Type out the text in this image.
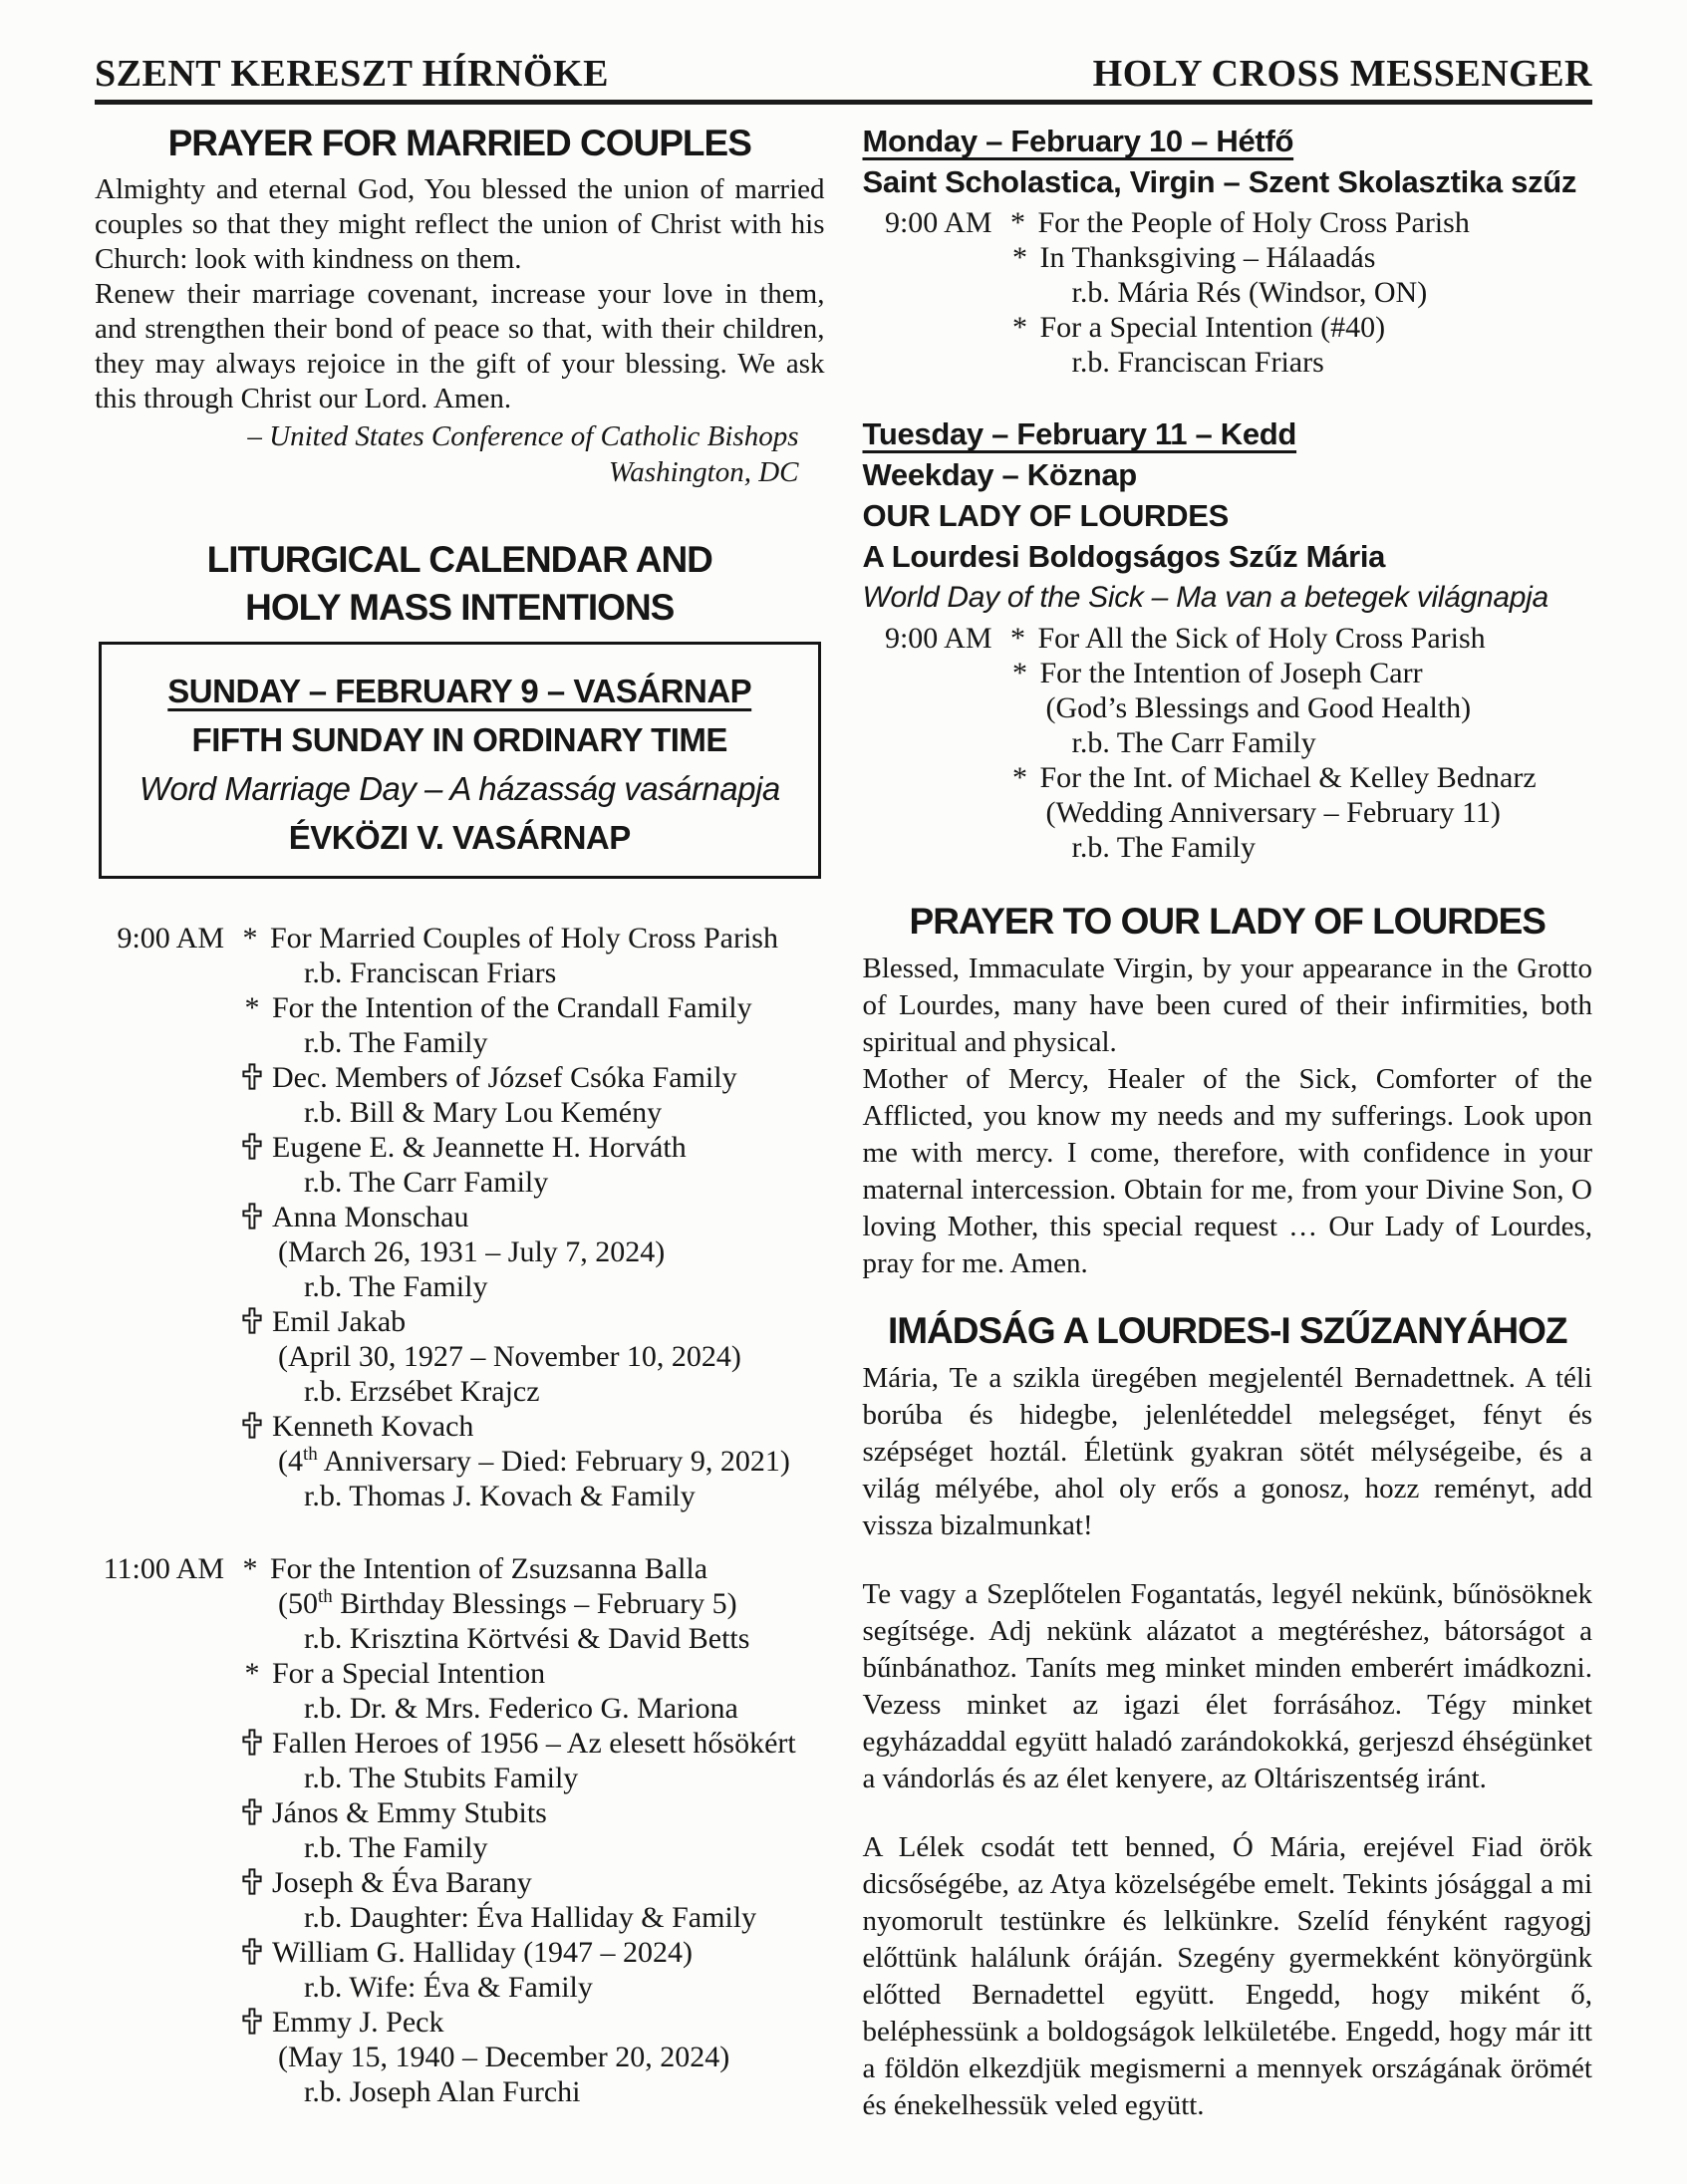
SZENT KERESZT HÍRNÖKE	HOLY CROSS MESSENGER
PRAYER FOR MARRIED COUPLES

Almighty and eternal God, You blessed the union of married couples so that they might reflect the union of Christ with his Church: look with kindness on them.

Renew their marriage covenant, increase your love in them, and strengthen their bond of peace so that, with their children, they may always rejoice in the gift of your blessing. We ask this through Christ our Lord. Amen.

– United States Conference of Catholic Bishops
Washington, DC
LITURGICAL CALENDAR AND
HOLY MASS INTENTIONS
SUNDAY – FEBRUARY 9 – VASÁRNAP
FIFTH SUNDAY IN ORDINARY TIME
Word Marriage Day – A házasság vasárnapja
ÉVKÖZI V. VASÁRNAP
9:00 AM * For Married Couples of Holy Cross Parish
r.b. Franciscan Friars
* For the Intention of the Crandall Family
r.b. The Family
Dec. Members of József Csóka Family
r.b. Bill & Mary Lou Kemény
Eugene E. & Jeannette H. Horváth
r.b. The Carr Family
Anna Monschau
(March 26, 1931 – July 7, 2024)
r.b. The Family
Emil Jakab
(April 30, 1927 – November 10, 2024)
r.b. Erzsébet Krajcz
Kenneth Kovach
(4th Anniversary – Died: February 9, 2021)
r.b. Thomas J. Kovach & Family
11:00 AM * For the Intention of Zsuzsanna Balla
(50th Birthday Blessings – February 5)
r.b. Krisztina Körtvési & David Betts
* For a Special Intention
r.b. Dr. & Mrs. Federico G. Mariona
Fallen Heroes of 1956 – Az elesett hősökért
r.b. The Stubits Family
János & Emmy Stubits
r.b. The Family
Joseph & Éva Barany
r.b. Daughter: Éva Halliday & Family
William G. Halliday (1947 – 2024)
r.b. Wife: Éva & Family
Emmy J. Peck
(May 15, 1940 – December 20, 2024)
r.b. Joseph Alan Furchi
Monday – February 10 – Hétfő
Saint Scholastica, Virgin – Szent Skolasztika szűz
9:00 AM * For the People of Holy Cross Parish
* In Thanksgiving – Hálaadás
r.b. Mária Rés (Windsor, ON)
* For a Special Intention (#40)
r.b. Franciscan Friars
Tuesday – February 11 – Kedd
Weekday – Köznap
OUR LADY OF LOURDES
A Lourdesi Boldogságos Szűz Mária
World Day of the Sick – Ma van a betegek világnapja
9:00 AM * For All the Sick of Holy Cross Parish
* For the Intention of Joseph Carr
(God’s Blessings and Good Health)
r.b. The Carr Family
* For the Int. of Michael & Kelley Bednarz
(Wedding Anniversary – February 11)
r.b. The Family
PRAYER TO OUR LADY OF LOURDES

Blessed, Immaculate Virgin, by your appearance in the Grotto of Lourdes, many have been cured of their infirmities, both spiritual and physical.

Mother of Mercy, Healer of the Sick, Comforter of the Afflicted, you know my needs and my sufferings. Look upon me with mercy. I come, therefore, with confidence in your maternal intercession. Obtain for me, from your Divine Son, O loving Mother, this special request … Our Lady of Lourdes, pray for me. Amen.

IMÁDSÁG A LOURDES-I SZŰZANYÁHOZ

Mária, Te a szikla üregében megjelentél Bernadettnek. A téli borúba és hidegbe, jelenléteddel melegséget, fényt és szépséget hoztál. Életünk gyakran sötét mélységeibe, és a világ mélyébe, ahol oly erős a gonosz, hozz reményt, add vissza bizalmunkat!

Te vagy a Szeplőtelen Fogantatás, legyél nekünk, bűnösöknek segítsége. Adj nekünk alázatot a megtéréshez, bátorságot a bűnbánathoz. Taníts meg minket minden emberért imádkozni. Vezess minket az igazi élet forrásához. Tégy minket egyházaddal együtt haladó zarándokokká, gerjeszd éhségünket a vándorlás és az élet kenyere, az Oltáriszentség iránt.

A Lélek csodát tett benned, Ó Mária, erejével Fiad örök dicsőségébe, az Atya közelségébe emelt. Tekints jósággal a mi nyomorult testünkre és lelkünkre. Szelíd fényként ragyogj előttünk halálunk óráján. Szegény gyermekként könyörgünk előtted Bernadettel együtt. Engedd, hogy miként ő, beléphessünk a boldogságok lelkületébe. Engedd, hogy már itt a földön elkezdjük megismerni a mennyek országának örömét és énekelhessük veled együtt.
